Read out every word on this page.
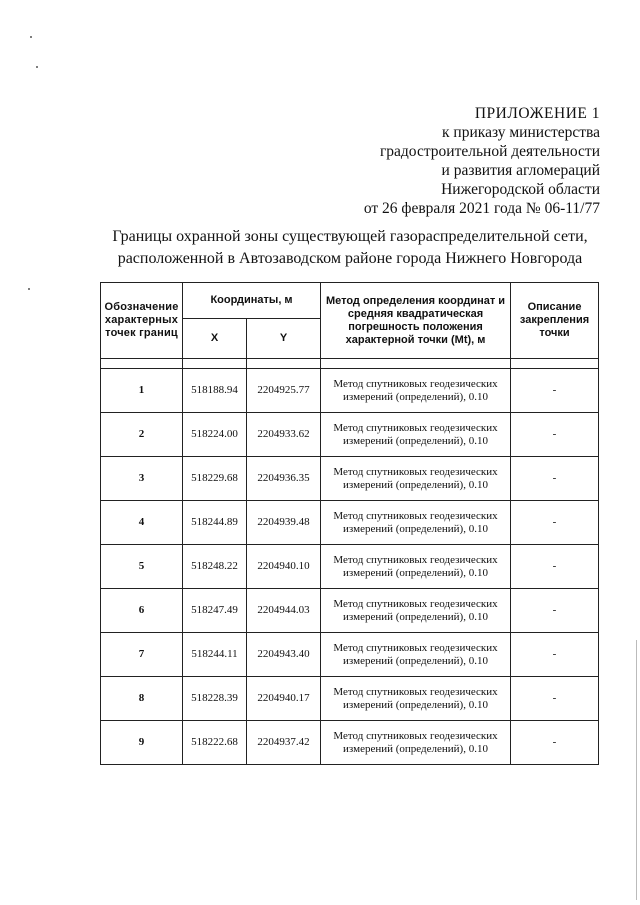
ПРИЛОЖЕНИЕ 1
к приказу министерства
градостроительной деятельности
и развития агломераций
Нижегородской области
от 26 февраля 2021 года № 06-11/77
Границы охранной зоны существующей газораспределительной сети,
расположенной в Автозаводском районе города Нижнего Новгорода
Обозначение характерных точек границ	Координаты, м		Метод определения координат и средняя квадратическая погрешность положения характерной точки (Mt), м	Описание закрепления точки
	X	Y		

1	518188.94	2204925.77	Метод спутниковых геодезических измерений (определений), 0.10	-
2	518224.00	2204933.62	Метод спутниковых геодезических измерений (определений), 0.10	-
3	518229.68	2204936.35	Метод спутниковых геодезических измерений (определений), 0.10	-
4	518244.89	2204939.48	Метод спутниковых геодезических измерений (определений), 0.10	-
5	518248.22	2204940.10	Метод спутниковых геодезических измерений (определений), 0.10	-
6	518247.49	2204944.03	Метод спутниковых геодезических измерений (определений), 0.10	-
7	518244.11	2204943.40	Метод спутниковых геодезических измерений (определений), 0.10	-
8	518228.39	2204940.17	Метод спутниковых геодезических измерений (определений), 0.10	-
9	518222.68	2204937.42	Метод спутниковых геодезических измерений (определений), 0.10	-
